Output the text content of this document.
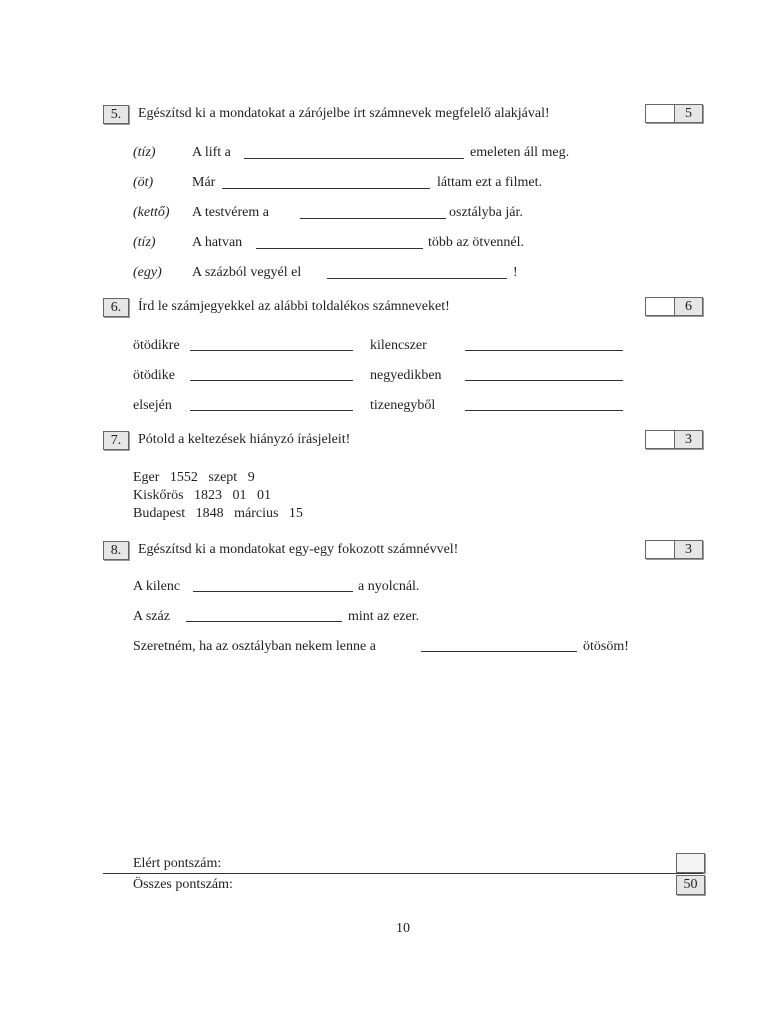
5.	Egészítsd ki a mondatokat a zárójelbe írt számnevek megfelelő alakjával!	5
(tíz)	A lift a	emeleten áll meg.
(öt)	Már	láttam ezt a filmet.
(kettő) A testvérem a	osztályba jár.
(tíz)	A hatvan	több az ötvennél.
(egy) A százból vegyél el	!
6.	Írd le számjegyekkel az alábbi toldalékos számneveket!	6
ötödikre	kilencszer
ötödike	negyedikben
elsején	tizenegyből
7.	Pótold a keltezések hiányzó írásjeleit!	3
Eger   1552   szept   9
Kiskőrös   1823   01   01
Budapest   1848   március   15
8.	Egészítsd ki a mondatokat egy-egy fokozott számnévvel!	3
A kilenc	a nyolcnál.
A száz	mint az ezer.
Szeretném, ha az osztályban nekem lenne a	ötösöm!
Elért pontszám:
Összes pontszám:	50
10
